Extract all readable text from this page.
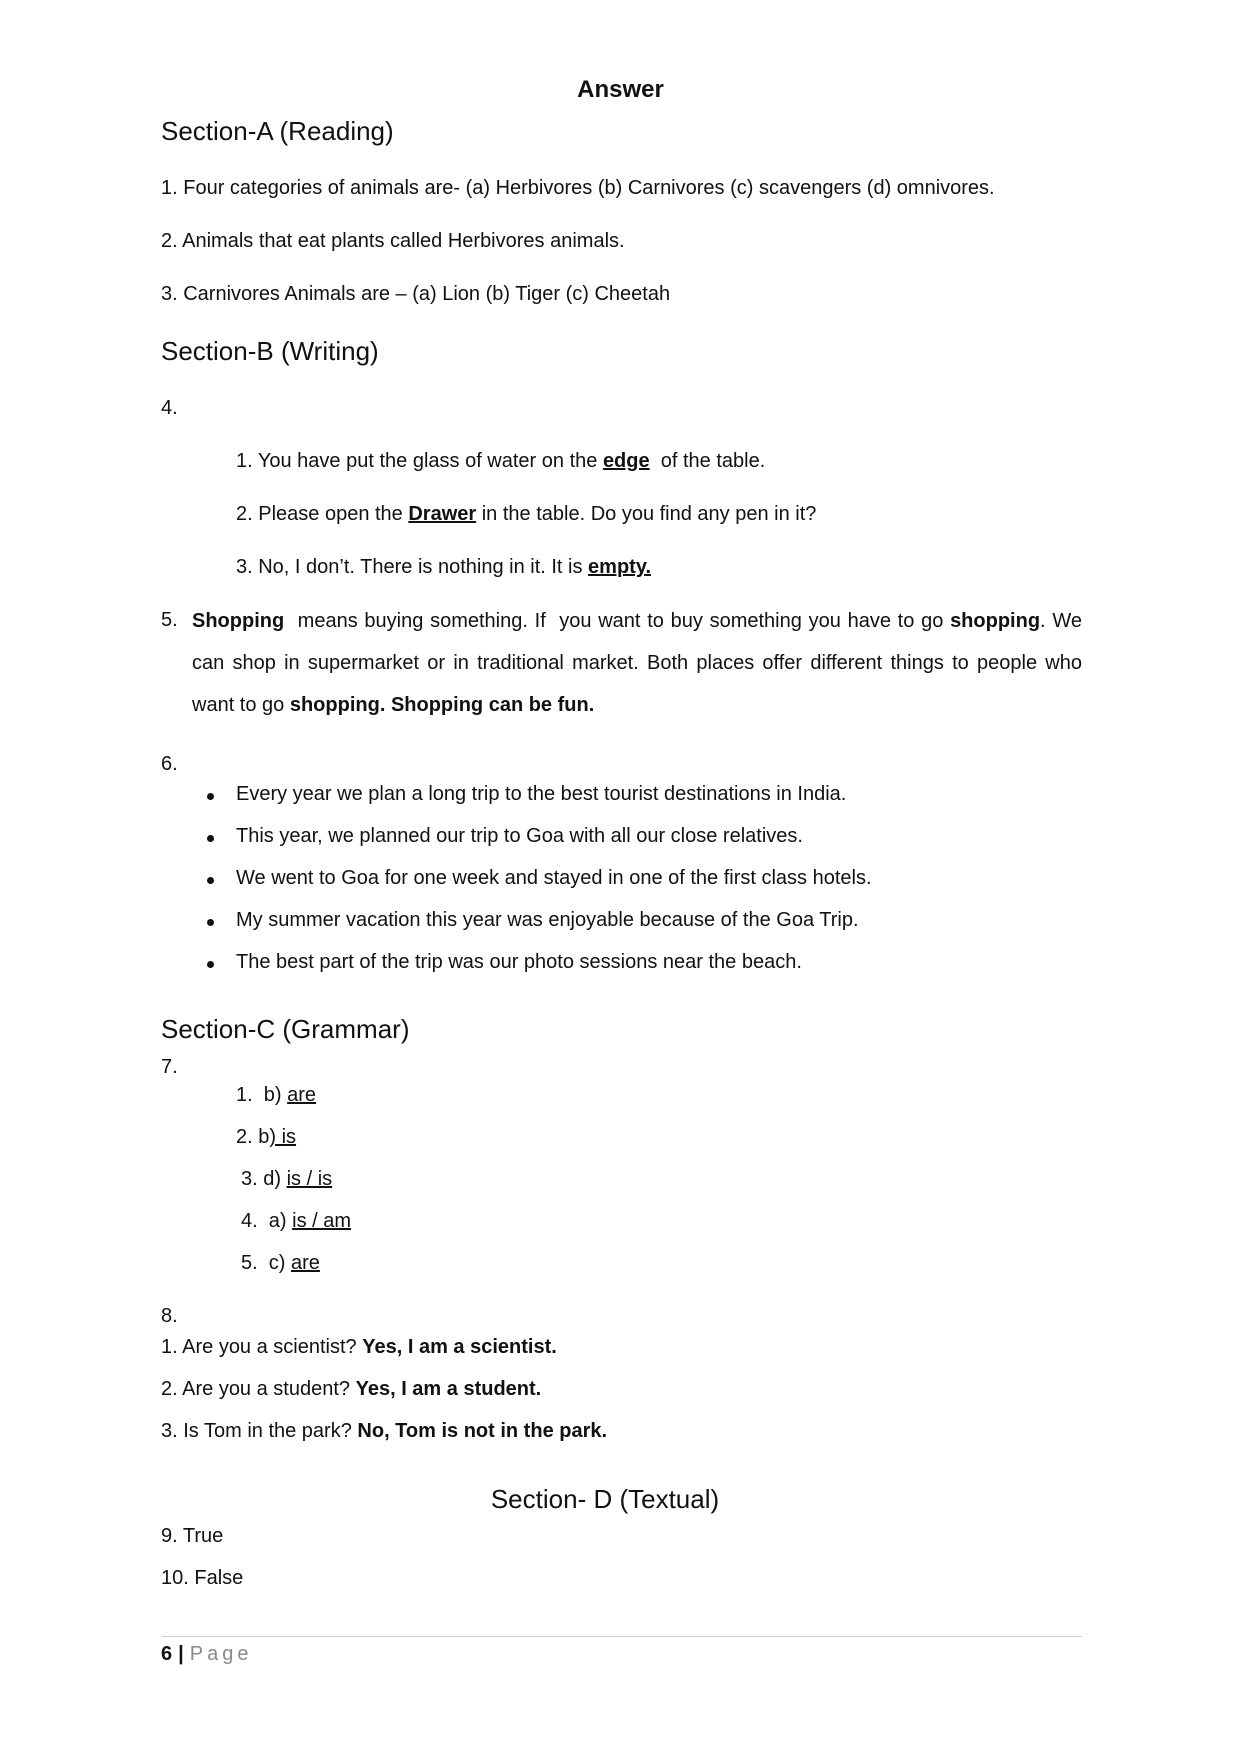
Answer
Section-A (Reading)
1. Four categories of animals are- (a) Herbivores (b) Carnivores (c) scavengers (d) omnivores.
2. Animals that eat plants called Herbivores animals.
3. Carnivores Animals are – (a) Lion (b) Tiger (c) Cheetah
Section-B (Writing)
4.
1. You have put the glass of water on the edge  of the table.
2. Please open the Drawer in the table. Do you find any pen in it?
3. No, I don’t. There is nothing in it. It is empty.
5. Shopping  means buying something. If  you want to buy something you have to go shopping. We can shop in supermarket or in traditional market. Both places offer different things to people who want to go shopping. Shopping can be fun.
6.
Every year we plan a long trip to the best tourist destinations in India.
This year, we planned our trip to Goa with all our close relatives.
We went to Goa for one week and stayed in one of the first class hotels.
My summer vacation this year was enjoyable because of the Goa Trip.
The best part of the trip was our photo sessions near the beach.
Section-C (Grammar)
7.
1.  b) are
2. b) is
3. d) is / is
4.  a) is / am
5.  c) are
8.
1. Are you a scientist? Yes, I am a scientist.
2. Are you a student? Yes, I am a student.
3. Is Tom in the park? No, Tom is not in the park.
Section- D (Textual)
9. True
10. False
6 | Page
